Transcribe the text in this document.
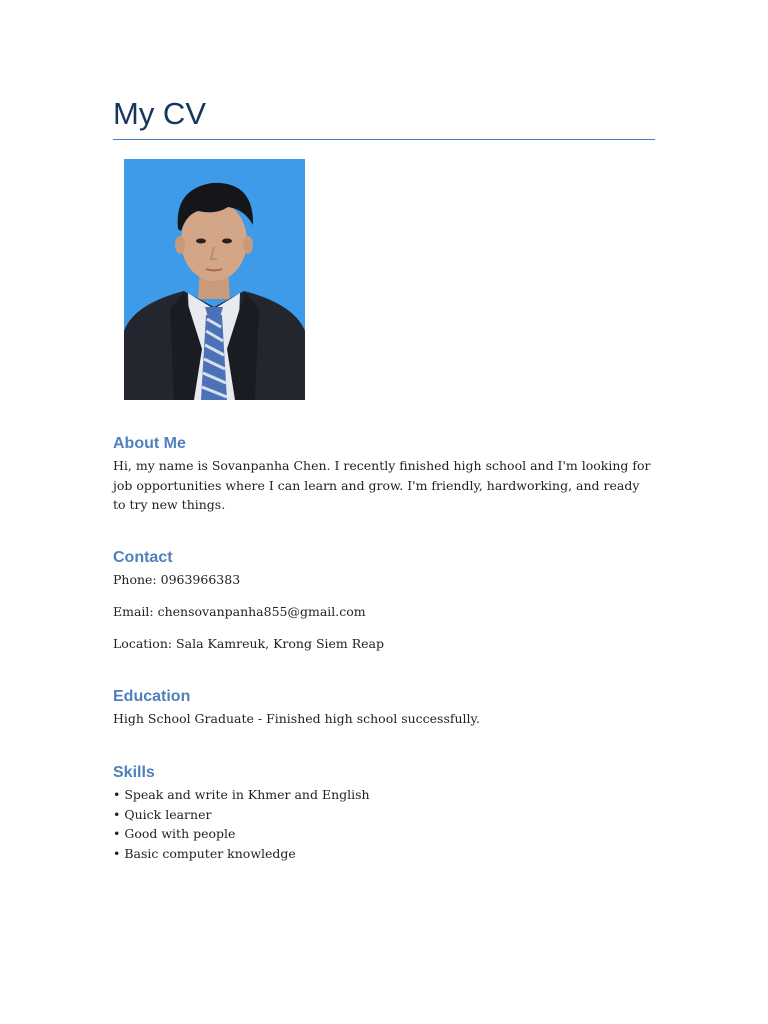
My CV
About Me

Hi, my name is Sovanpanha Chen. I recently finished high school and I'm looking for job opportunities where I can learn and grow. I'm friendly, hardworking, and ready to try new things.

Contact

Phone: 0963966383

Email: chensovanpanha855@gmail.com

Location: Sala Kamreuk, Krong Siem Reap

Education

High School Graduate - Finished high school successfully.

Skills
• Speak and write in Khmer and English
• Quick learner
• Good with people
• Basic computer knowledge
